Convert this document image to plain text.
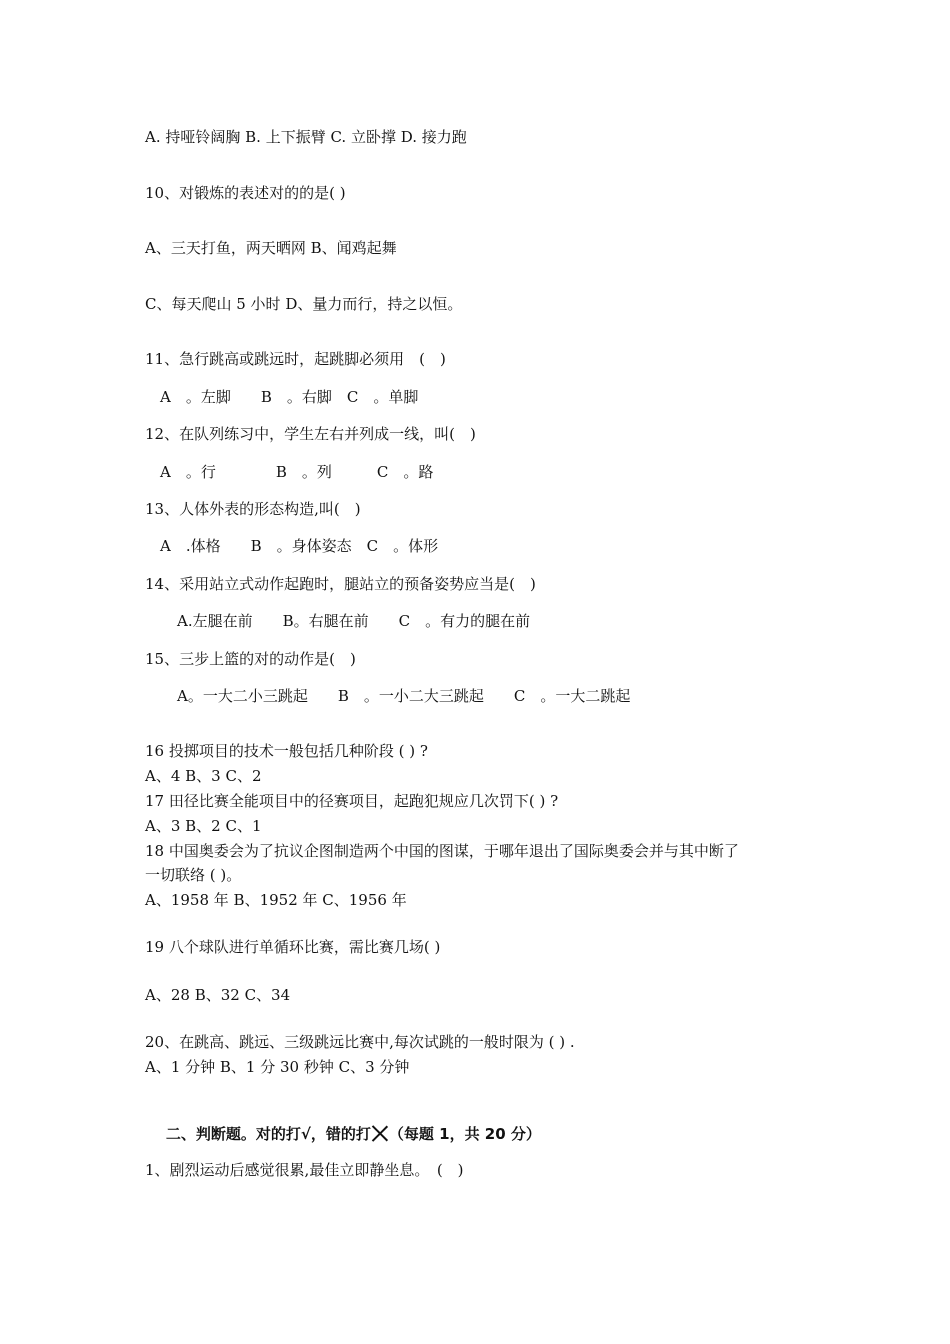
A. 持哑铃阔胸 B. 上下振臂 C. 立卧撑 D. 接力跑
10、对锻炼的表述对的的是( )
A、三天打鱼，两天晒网 B、闻鸡起舞
C、每天爬山 5 小时 D、量力而行，持之以恒。
11、急行跳高或跳远时，起跳脚必须用　(　)
A　。左脚　　B　。右脚　C　。单脚
12、在队列练习中，学生左右并列成一线，叫(　)
A　。行　　　　B　。列　　　C　。路
13、人体外表的形态构造,叫(　)
A　.体格　　B　。身体姿态　C　。体形
14、采用站立式动作起跑时，腿站立的预备姿势应当是(　)
A.左腿在前　　B。右腿在前　　C　。有力的腿在前
15、三步上篮的对的动作是(　)
A。一大二小三跳起　　B　。一小二大三跳起　　C　。一大二跳起
16 投掷项目的技术一般包括几种阶段 ( ) ?
A、4 B、3 C、2
17 田径比赛全能项目中的径赛项目，起跑犯规应几次罚下( ) ?
A、3 B、2 C、1
18 中国奥委会为了抗议企图制造两个中国的图谋，于哪年退出了国际奥委会并与其中断了
一切联络 ( )。
A、1958 年 B、1952 年 C、1956 年
19 八个球队进行单循环比赛，需比赛几场( )
A、28 B、32 C、34
20、在跳高、跳远、三级跳远比赛中,每次试跳的一般时限为 ( ) .
A、1 分钟 B、1 分 30 秒钟 C、3 分钟

二、判断题。对的打√，错的打 （每题 1，共 20 分）

1、剧烈运动后感觉很累,最佳立即静坐息。　(　)
